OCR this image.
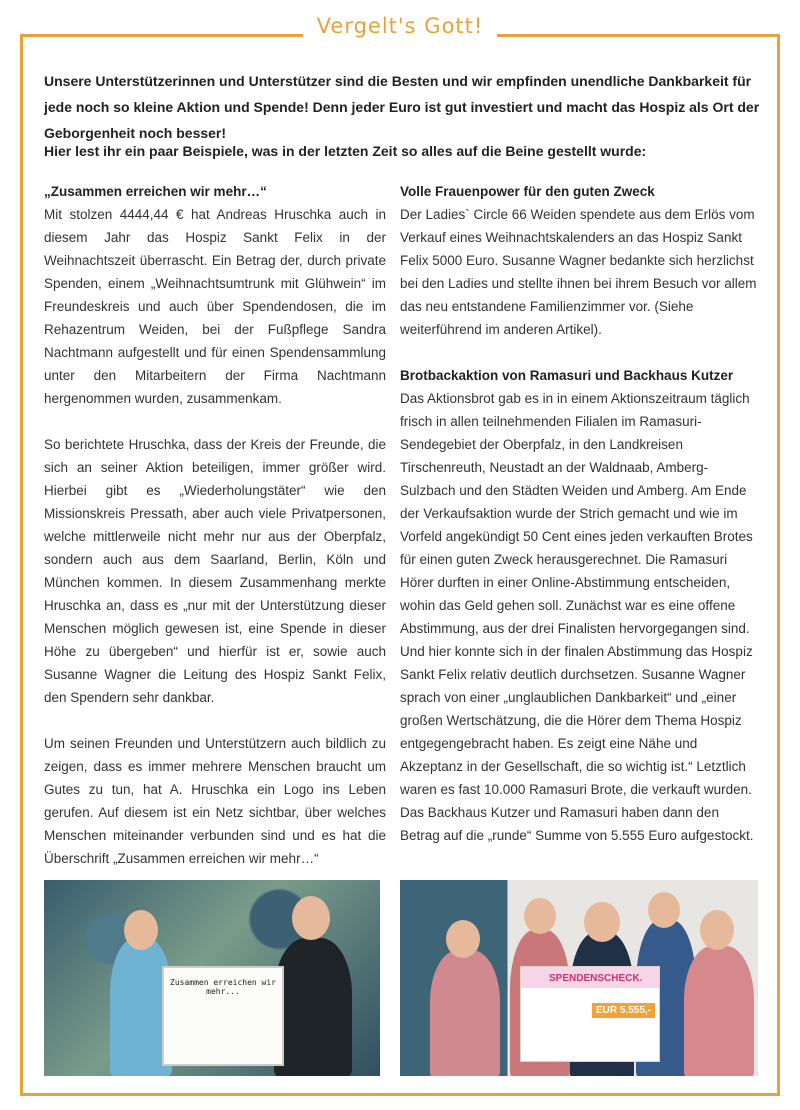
Vergelt's Gott!
Unsere Unterstützerinnen und Unterstützer sind die Besten und wir empfinden unendliche Dankbarkeit für jede noch so kleine Aktion und Spende! Denn jeder Euro ist gut investiert und macht das Hospiz als Ort der Geborgenheit noch besser!
Hier lest ihr ein paar Beispiele, was in der letzten Zeit so alles auf die Beine gestellt wurde:
„Zusammen erreichen wir mehr…“

Mit stolzen 4444,44 € hat Andreas Hruschka auch in diesem Jahr das Hospiz Sankt Felix in der Weihnachtszeit überrascht. Ein Betrag der, durch private Spenden, einem „Weihnachtsumtrunk mit Glühwein“ im Freundeskreis und auch über Spendendosen, die im Rehazentrum Weiden, bei der Fußpflege Sandra Nachtmann aufgestellt und für einen Spendensammlung unter den Mitarbeitern der Firma Nachtmann hergenommen wurden, zusammenkam.

So berichtete Hruschka, dass der Kreis der Freunde, die sich an seiner Aktion beteiligen, immer größer wird. Hierbei gibt es „Wiederholungstäter“ wie den Missionskreis Pressath, aber auch viele Privatpersonen, welche mittlerweile nicht mehr nur aus der Oberpfalz, sondern auch aus dem Saarland, Berlin, Köln und München kommen. In diesem Zusammenhang merkte Hruschka an, dass es „nur mit der Unterstützung dieser Menschen möglich gewesen ist, eine Spende in dieser Höhe zu übergeben“ und hierfür ist er, sowie auch Susanne Wagner die Leitung des Hospiz Sankt Felix, den Spendern sehr dankbar.

Um seinen Freunden und Unterstützern auch bildlich zu zeigen, dass es immer mehrere Menschen braucht um Gutes zu tun, hat A. Hruschka ein Logo ins Leben gerufen. Auf diesem ist ein Netz sichtbar, über welches Menschen miteinander verbunden sind und es hat die Überschrift „Zusammen erreichen wir mehr…“

Volle Frauenpower für den guten Zweck

Der Ladies` Circle 66 Weiden spendete aus dem Erlös vom Verkauf eines Weihnachtskalenders an das Hospiz Sankt Felix 5000 Euro. Susanne Wagner bedankte sich herzlichst bei den Ladies und stellte ihnen bei ihrem Besuch vor allem das neu entstandene Familienzimmer vor. (Siehe weiterführend im anderen Artikel).

Brotbackaktion von Ramasuri und Backhaus Kutzer

Das Aktionsbrot gab es in in einem Aktionszeitraum täglich frisch in allen teilnehmenden Filialen im Ramasuri-Sendegebiet der Oberpfalz, in den Landkreisen Tirschenreuth, Neustadt an der Waldnaab, Amberg-Sulzbach und den Städten Weiden und Amberg. Am Ende der Verkaufsaktion wurde der Strich gemacht und wie im Vorfeld angekündigt 50 Cent eines jeden verkauften Brotes für einen guten Zweck herausgerechnet. Die Ramasuri Hörer durften in einer Online-Abstimmung entscheiden, wohin das Geld gehen soll. Zunächst war es eine offene Abstimmung, aus der drei Finalisten hervorgegangen sind. Und hier konnte sich in der finalen Abstimmung das Hospiz Sankt Felix relativ deutlich durchsetzen. Susanne Wagner sprach von einer „unglaublichen Dankbarkeit“ und „einer großen Wertschätzung, die die Hörer dem Thema Hospiz entgegengebracht haben. Es zeigt eine Nähe und Akzeptanz in der Gesellschaft, die so wichtig ist.“ Letztlich waren es fast 10.000 Ramasuri Brote, die verkauft wurden. Das Backhaus Kutzer und Ramasuri haben dann den Betrag auf die „runde“ Summe von 5.555 Euro aufgestockt.

Zusammen erreichen wir mehr...
SPENDENSCHECK.
EUR 5.555,-
